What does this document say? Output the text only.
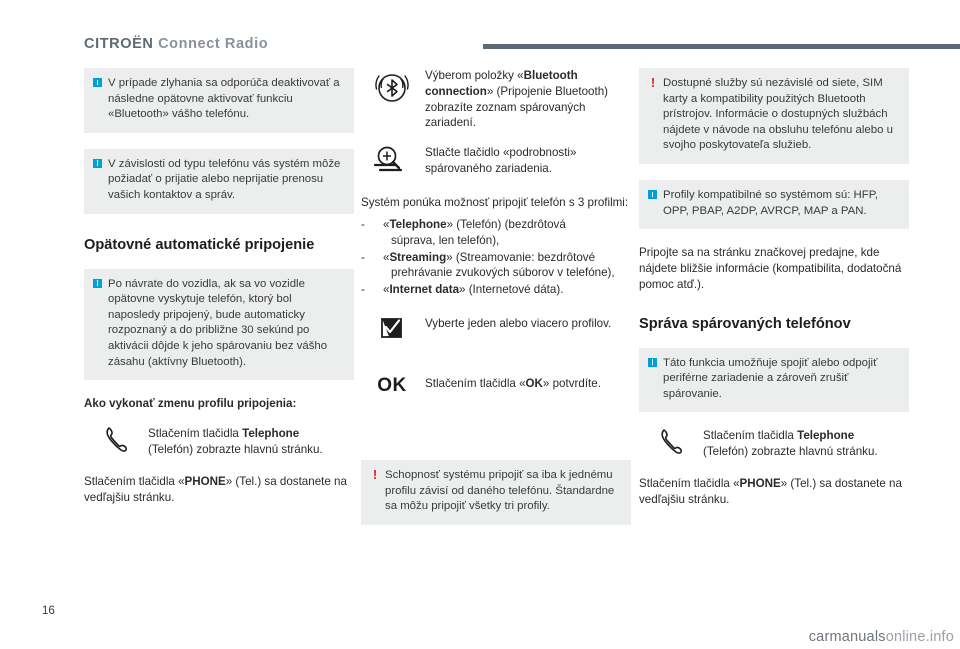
CITROËN Connect Radio
V prípade zlyhania sa odporúča deaktivovať a následne opätovne aktivovať funkciu «Bluetooth» vášho telefónu.
V závislosti od typu telefónu vás systém môže požiadať o prijatie alebo neprijatie prenosu vašich kontaktov a správ.
Opätovné automatické pripojenie
Po návrate do vozidla, ak sa vo vozidle opätovne vyskytuje telefón, ktorý bol naposledy pripojený, bude automaticky rozpoznaný a do približne 30 sekúnd po aktivácii dôjde k jeho spárovaniu bez vášho zásahu (aktívny Bluetooth).

Ako vykonať zmenu profilu pripojenia:

Stlačením tlačidla Telephone
(Telefón) zobrazte hlavnú stránku.

Stlačením tlačidla «PHONE» (Tel.) sa dostanete na vedľajšiu stránku.

Výberom položky «Bluetooth connection» (Pripojenie Bluetooth) zobrazíte zoznam spárovaných zariadení.
Stlačte tlačidlo «podrobnosti» spárovaného zariadenia.

Systém ponúka možnosť pripojiť telefón s 3 profilmi:

- «Telephone» (Telefón) (bezdrôtová
súprava, len telefón),
- «Streaming» (Streamovanie: bezdrôtové
prehrávanie zvukových súborov v telefóne),
- «Internet data» (Internetové dáta).
Vyberte jeden alebo viacero profilov.
OK	Stlačením tlačidla «OK» potvrdíte.
! Schopnosť systému pripojiť sa iba k jednému profilu závisí od daného telefónu. Štandardne sa môžu pripojiť všetky tri profily.
! Dostupné služby sú nezávislé od siete, SIM karty a kompatibility použitých Bluetooth prístrojov. Informácie o dostupných službách nájdete v návode na obsluhu telefónu alebo u svojho poskytovateľa služieb.
Profily kompatibilné so systémom sú: HFP, OPP, PBAP, A2DP, AVRCP, MAP a PAN.

Pripojte sa na stránku značkovej predajne, kde nájdete bližšie informácie (kompatibilita, dodatočná pomoc atď.).

Správa spárovaných telefónov
Táto funkcia umožňuje spojiť alebo odpojiť periférne zariadenie a zároveň zrušiť spárovanie.
Stlačením tlačidla Telephone
(Telefón) zobrazte hlavnú stránku.

Stlačením tlačidla «PHONE» (Tel.) sa dostanete na vedľajšiu stránku.

16
carmanualsonline.info
